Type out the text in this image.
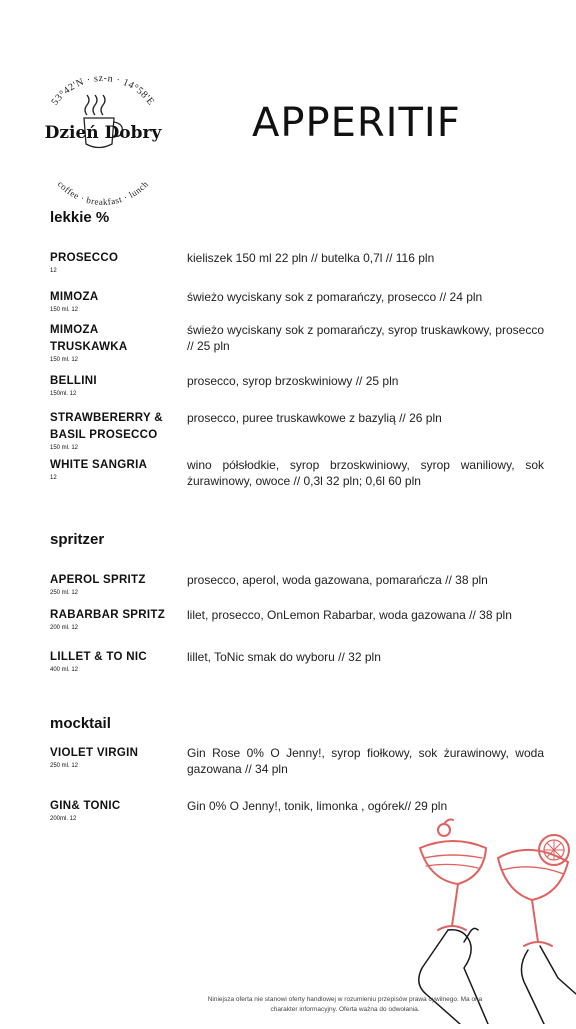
53°42'N · sz-n · 14°58'E
coffee · breakfast · lunch
Dzień Dobry APPERITIF
lekkie %
PROSECCO
12
kieliszek 150 ml 22 pln // butelka 0,7l // 116 pln
MIMOZA
150 ml. 12
świeżo wyciskany sok z pomarańczy, prosecco // 24 pln
MIMOZA TRUSKAWKA
150 ml. 12
świeżo wyciskany sok z pomarańczy, syrop truskawkowy, prosecco // 25 pln
BELLINI
150ml. 12
prosecco, syrop brzoskwiniowy // 25 pln
STRAWBERERRY & BASIL PROSECCO
150 ml. 12
prosecco, puree truskawkowe z bazylią // 26 pln
WHITE SANGRIA
12
wino półsłodkie, syrop brzoskwiniowy, syrop waniliowy, sok żurawinowy, owoce // 0,3l 32 pln; 0,6l 60 pln
spritzer
APEROL SPRITZ
250 ml. 12
prosecco, aperol, woda gazowana, pomarańcza // 38 pln
RABARBAR SPRITZ
200 ml. 12
lilet, prosecco, OnLemon Rabarbar, woda gazowana // 38 pln
LILLET & TO NIC
400 ml. 12
lillet, ToNic smak do wyboru // 32 pln
mocktail
VIOLET VIRGIN
250 ml. 12
Gin Rose 0% O Jenny!, syrop fiołkowy, sok żurawinowy, woda gazowana // 34 pln
GIN& TONIC
200ml. 12
Gin 0% O Jenny!, tonik, limonka , ogórek// 29 pln
Niniejsza oferta nie stanowi oferty handlowej w rozumieniu przepisów prawa cywilnego. Ma ona charakter informacyjny. Oferta ważna do odwołania.
